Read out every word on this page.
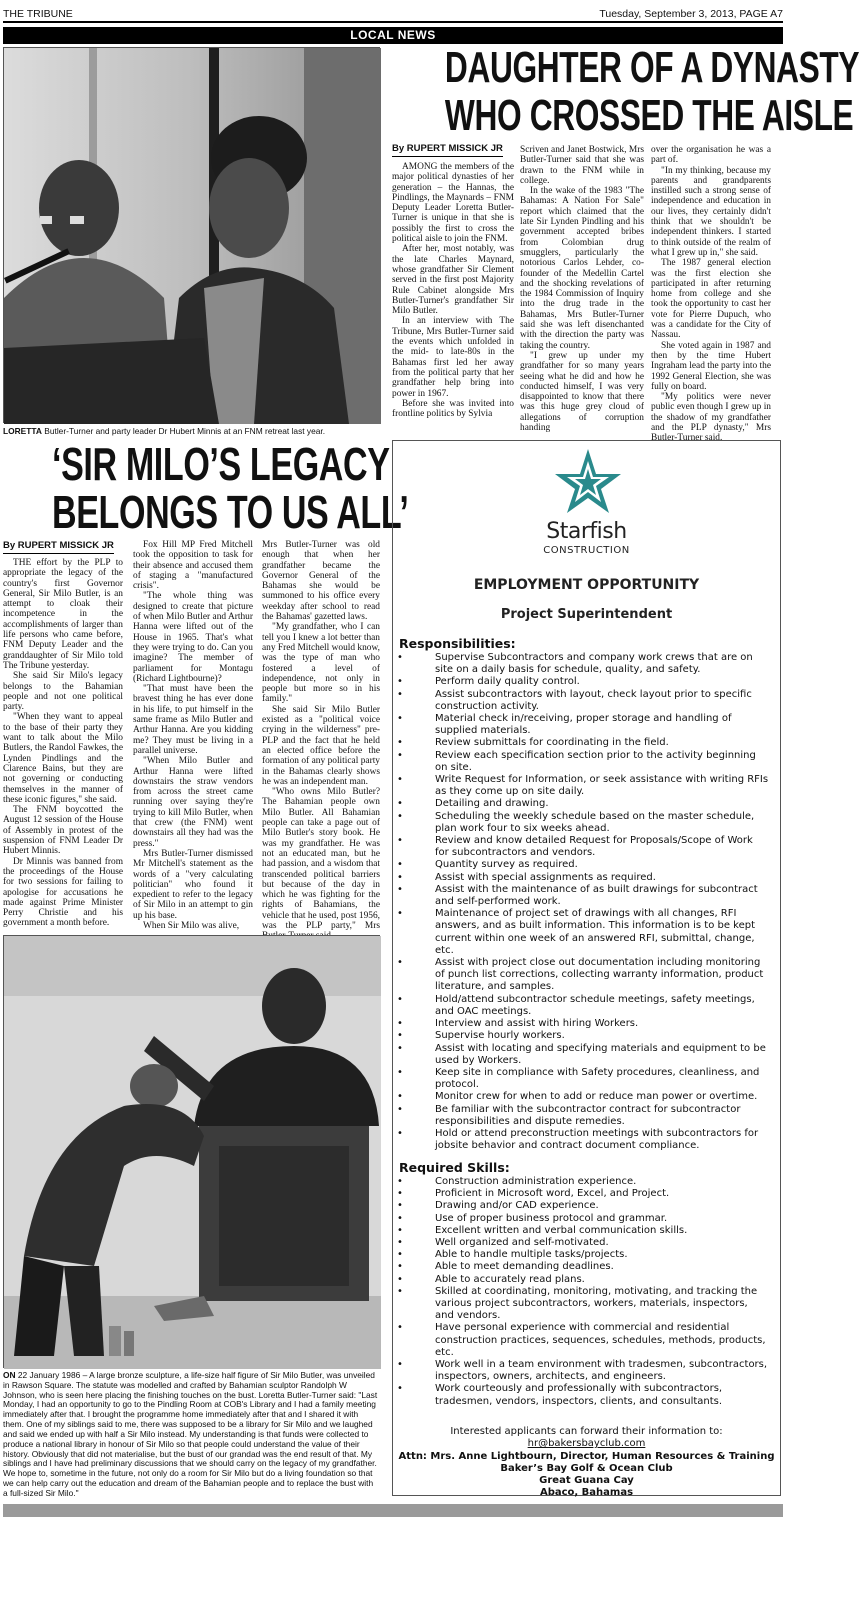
THE TRIBUNE	Tuesday, September 3, 2013, PAGE A7
LOCAL NEWS
LORETTA Butler-Turner and party leader Dr Hubert Minnis at an FNM retreat last year.
DAUGHTER OF A DYNASTY
WHO CROSSED THE AISLE
By RUPERT MISSICK JR

AMONG the members of the major political dynasties of her generation – the Hannas, the Pindlings, the Maynards – FNM Deputy Leader Loretta Butler-Turner is unique in that she is possibly the first to cross the political aisle to join the FNM.

After her, most notably, was the late Charles Maynard, whose grandfather Sir Clement served in the first post Majority Rule Cabinet alongside Mrs Butler-Turner's grandfather Sir Milo Butler.

In an interview with The Tribune, Mrs Butler-Turner said the events which unfolded in the mid- to late-80s in the Bahamas first led her away from the political party that her grandfather help bring into power in 1967.

Before she was invited into frontline politics by Sylvia

Scriven and Janet Bostwick, Mrs Butler-Turner said that she was drawn to the FNM while in college.

In the wake of the 1983 "The Bahamas: A Nation For Sale" report which claimed that the late Sir Lynden Pindling and his government accepted bribes from Colombian drug smugglers, particularly the notorious Carlos Lehder, co-founder of the Medellin Cartel and the shocking revelations of the 1984 Commission of Inquiry into the drug trade in the Bahamas, Mrs Butler-Turner said she was left disenchanted with the direction the party was taking the country.

"I grew up under my grandfather for so many years seeing what he did and how he conducted himself, I was very disappointed to know that there was this huge grey cloud of allegations of corruption handing

over the organisation he was a part of.

"In my thinking, because my parents and grandparents instilled such a strong sense of independence and education in our lives, they certainly didn't think that we shouldn't be independent thinkers. I started to think outside of the realm of what I grew up in," she said.

The 1987 general election was the first election she participated in after returning home from college and she took the opportunity to cast her vote for Pierre Dupuch, who was a candidate for the City of Nassau.

She voted again in 1987 and then by the time Hubert Ingraham lead the party into the 1992 General Election, she was fully on board.

"My politics were never public even though I grew up in the shadow of my grandfather and the PLP dynasty," Mrs Butler-Turner said.

‘SIR MILO’S LEGACY
BELONGS TO US ALL’
By RUPERT MISSICK JR

THE effort by the PLP to appropriate the legacy of the country's first Governor General, Sir Milo Butler, is an attempt to cloak their incompetence in the accomplishments of larger than life persons who came before, FNM Deputy Leader and the granddaughter of Sir Milo told The Tribune yesterday.

She said Sir Milo's legacy belongs to the Bahamian people and not one political party.

"When they want to appeal to the base of their party they want to talk about the Milo Butlers, the Randol Fawkes, the Lynden Pindlings and the Clarence Bains, but they are not governing or conducting themselves in the manner of these iconic figures," she said.

The FNM boycotted the August 12 session of the House of Assembly in protest of the suspension of FNM Leader Dr Hubert Minnis.

Dr Minnis was banned from the proceedings of the House for two sessions for failing to apologise for accusations he made against Prime Minister Perry Christie and his government a month before.

Fox Hill MP Fred Mitchell took the opposition to task for their absence and accused them of staging a "manufactured crisis".

"The whole thing was designed to create that picture of when Milo Butler and Arthur Hanna were lifted out of the House in 1965. That's what they were trying to do. Can you imagine? The member of parliament for Montagu (Richard Lightbourne)?

"That must have been the bravest thing he has ever done in his life, to put himself in the same frame as Milo Butler and Arthur Hanna. Are you kidding me? They must be living in a parallel universe.

"When Milo Butler and Arthur Hanna were lifted downstairs the straw vendors from across the street came running over saying they're trying to kill Milo Butler, when that crew (the FNM) went downstairs all they had was the press."

Mrs Butler-Turner dismissed Mr Mitchell's statement as the words of a "very calculating politician" who found it expedient to refer to the legacy of Sir Milo in an attempt to gin up his base.

When Sir Milo was alive,

Mrs Butler-Turner was old enough that when her grandfather became the Governor General of the Bahamas she would be summoned to his office every weekday after school to read the Bahamas' gazetted laws.

"My grandfather, who I can tell you I knew a lot better than any Fred Mitchell would know, was the type of man who fostered a level of independence, not only in people but more so in his family."

She said Sir Milo Butler existed as a "political voice crying in the wilderness" pre-PLP and the fact that he held an elected office before the formation of any political party in the Bahamas clearly shows he was an independent man.

"Who owns Milo Butler? The Bahamian people own Milo Butler. All Bahamian people can take a page out of Milo Butler's story book. He was my grandfather. He was not an educated man, but he had passion, and a wisdom that transcended political barriers but because of the day in which he was fighting for the rights of Bahamians, the vehicle that he used, post 1956, was the PLP party," Mrs

ON 22 January 1986 – A large bronze sculpture, a life-size half figure of Sir Milo Butler, was unveiled in Rawson Square. The statute was modelled and crafted by Bahamian sculptor Randolph W Johnson, who is seen here placing the finishing touches on the bust. Loretta Butler-Turner said: "Last Monday, I had an opportunity to go to the Pindling Room at COB's Library and I had a family meeting immediately after that. I brought the programme home immediately after that and I shared it with them. One of my siblings said to me, there was supposed to be a library for Sir Milo and we laughed and said we ended up with half a Sir Milo instead. My understanding is that funds were collected to produce a national library in honour of Sir Milo so that people could understand the value of their history. Obviously that did not materialise, but the bust of our grandad was the end result of that. My siblings and I have had preliminary discussions that we should carry on the legacy of my grandfather. We hope to, sometime in the future, not only do a room for Sir Milo but do a living foundation so that we can help carry out the education and dream of the Bahamian people and to replace the bust with a full-sized Sir Milo."
Starfish
CONSTRUCTION
EMPLOYMENT OPPORTUNITY
Project Superintendent
Responsibilities:
• Supervise Subcontractors and company work crews that are on site on a daily basis for schedule, quality, and safety.
• Perform daily quality control.
• Assist subcontractors with layout, check layout prior to specific construction activity.
• Material check in/receiving, proper storage and handling of supplied materials.
• Review submittals for coordinating in the field.
• Review each specification section prior to the activity beginning on site.
• Write Request for Information, or seek assistance with writing RFIs as they come up on site daily.
• Detailing and drawing.
• Scheduling the weekly schedule based on the master schedule, plan work four to six weeks ahead.
• Review and know detailed Request for Proposals/Scope of Work for subcontractors and vendors.
• Quantity survey as required.
• Assist with special assignments as required.
• Assist with the maintenance of as built drawings for subcontract and self-performed work.
• Maintenance of project set of drawings with all changes, RFI answers, and as built information. This information is to be kept current within one week of an answered RFI, submittal, change, etc.
• Assist with project close out documentation including monitoring of punch list corrections, collecting warranty information, product literature, and samples.
• Hold/attend subcontractor schedule meetings, safety meetings, and OAC meetings.
• Interview and assist with hiring Workers.
• Supervise hourly workers.
• Assist with locating and specifying materials and equipment to be used by Workers.
• Keep site in compliance with Safety procedures, cleanliness, and protocol.
• Monitor crew for when to add or reduce man power or overtime.
• Be familiar with the subcontractor contract for subcontractor responsibilities and dispute remedies.
• Hold or attend preconstruction meetings with subcontractors for jobsite behavior and contract document compliance.
Required Skills:
• Construction administration experience.
• Proficient in Microsoft word, Excel, and Project.
• Drawing and/or CAD experience.
• Use of proper business protocol and grammar.
• Excellent written and verbal communication skills.
• Well organized and self-motivated.
• Able to handle multiple tasks/projects.
• Able to meet demanding deadlines.
• Able to accurately read plans.
• Skilled at coordinating, monitoring, motivating, and tracking the various project subcontractors, workers, materials, inspectors, and vendors.
• Have personal experience with commercial and residential construction practices, sequences, schedules, methods, products, etc.
• Work well in a team environment with tradesmen, subcontractors, inspectors, owners, architects, and engineers.
• Work courteously and professionally with subcontractors, tradesmen, vendors, inspectors, clients, and consultants.
Interested applicants can forward their information to:
hr@bakersbayclub.com
Attn: Mrs. Anne Lightbourn, Director, Human Resources & Training
Baker’s Bay Golf & Ocean Club
Great Guana Cay
Abaco, Bahamas
